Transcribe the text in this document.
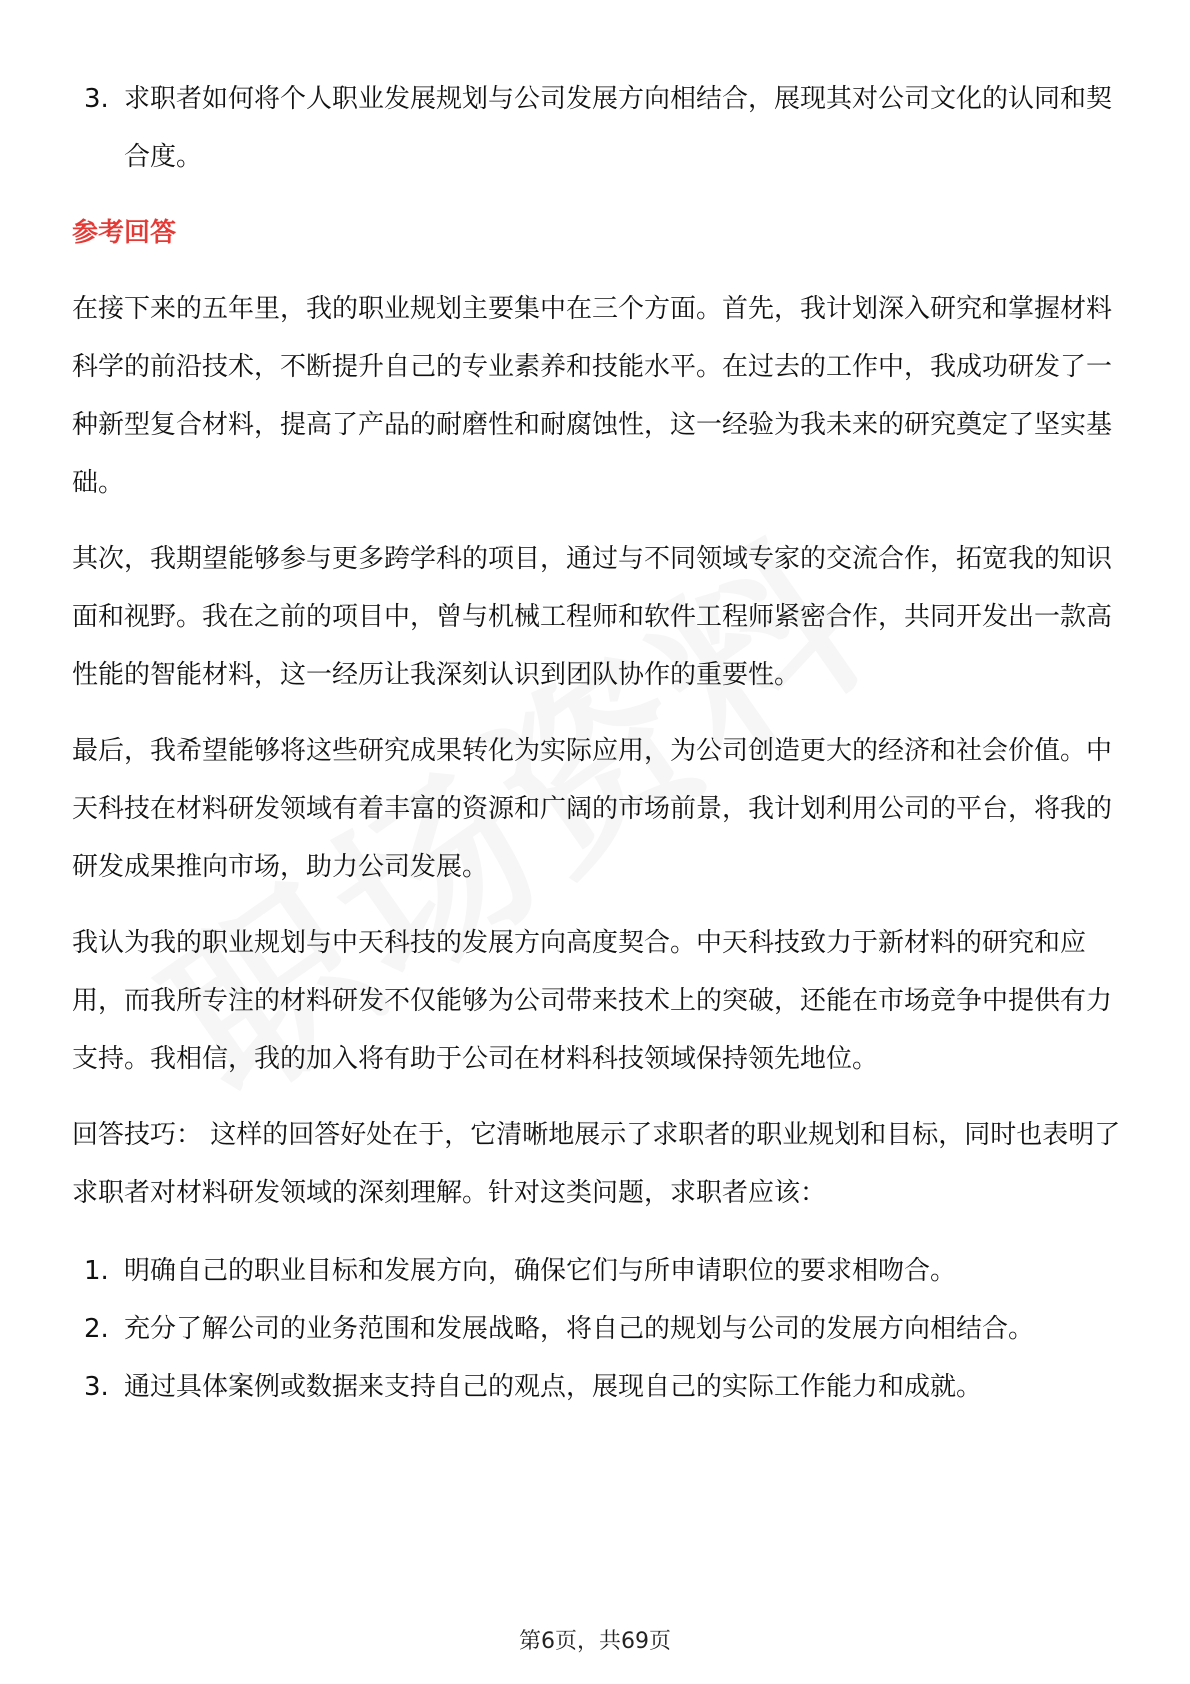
3. 求职者如何将个人职业发展规划与公司发展方向相结合，展现其对公司文化的认同和契合度。
参考回答

在接下来的五年里，我的职业规划主要集中在三个方面。首先，我计划深入研究和掌握材料科学的前沿技术，不断提升自己的专业素养和技能水平。在过去的工作中，我成功研发了一种新型复合材料，提高了产品的耐磨性和耐腐蚀性，这一经验为我未来的研究奠定了坚实基础。

其次，我期望能够参与更多跨学科的项目，通过与不同领域专家的交流合作，拓宽我的知识面和视野。我在之前的项目中，曾与机械工程师和软件工程师紧密合作，共同开发出一款高性能的智能材料，这一经历让我深刻认识到团队协作的重要性。

最后，我希望能够将这些研究成果转化为实际应用，为公司创造更大的经济和社会价值。中天科技在材料研发领域有着丰富的资源和广阔的市场前景，我计划利用公司的平台，将我的研发成果推向市场，助力公司发展。

我认为我的职业规划与中天科技的发展方向高度契合。中天科技致力于新材料的研究和应用，而我所专注的材料研发不仅能够为公司带来技术上的突破，还能在市场竞争中提供有力支持。我相信，我的加入将有助于公司在材料科技领域保持领先地位。

回答技巧： 这样的回答好处在于，它清晰地展示了求职者的职业规划和目标，同时也表明了求职者对材料研发领域的深刻理解。针对这类问题，求职者应该：

1. 明确自己的职业目标和发展方向，确保它们与所申请职位的要求相吻合。
2. 充分了解公司的业务范围和发展战略，将自己的规划与公司的发展方向相结合。
3. 通过具体案例或数据来支持自己的观点，展现自己的实际工作能力和成就。
第6页，共69页
